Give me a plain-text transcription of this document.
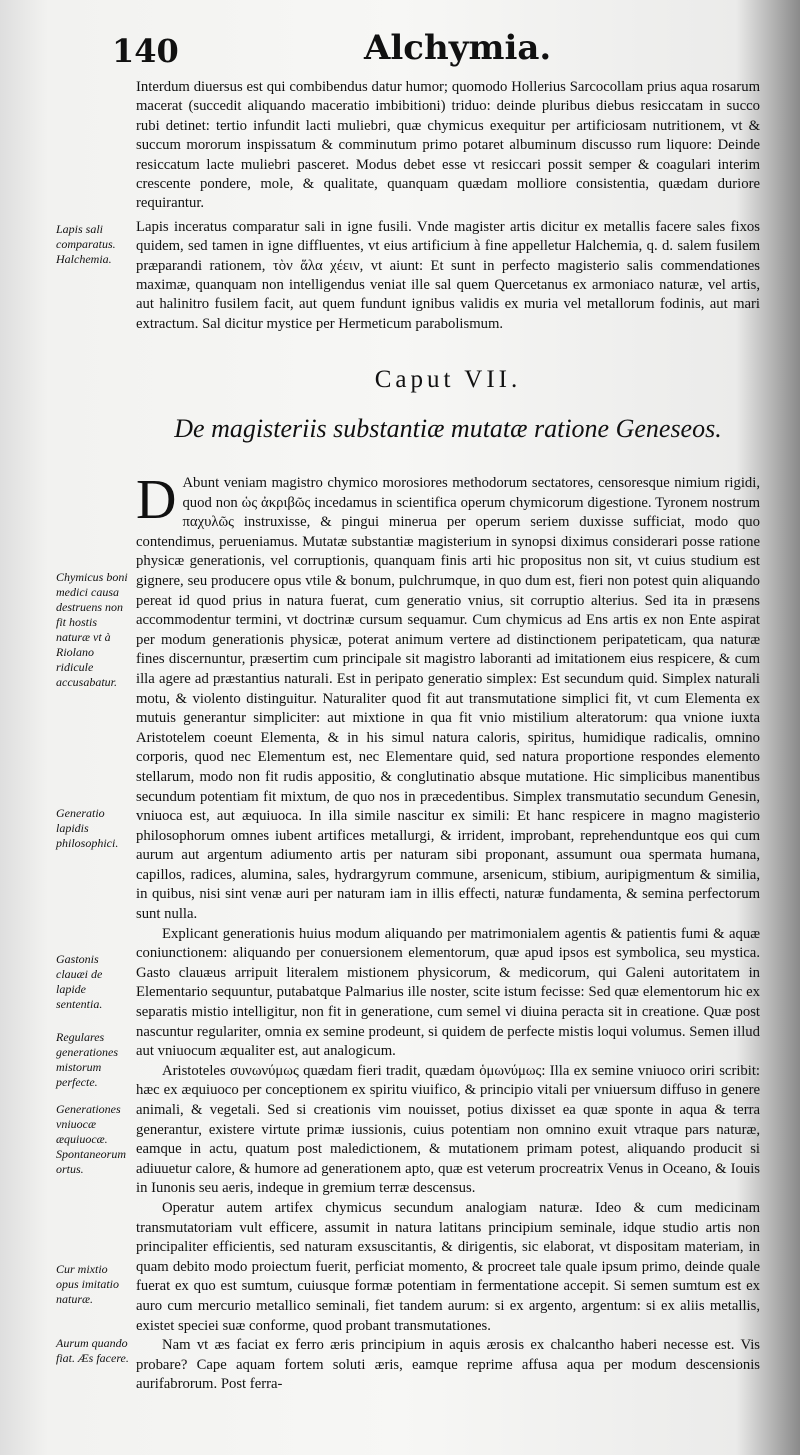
140	Alchymia.

Interdum diuersus est qui combibendus datur humor; quomodo Hollerius Sarcocollam prius aqua rosarum macerat (succedit aliquando maceratio imbibitioni) triduo: deinde pluribus diebus resiccatam in succo rubi detinet: tertio infundit lacti muliebri, quæ chymicus exequitur per artificiosam nutritionem, vt & succum mororum inspissatum & comminutum primo potaret albuminum discusso rum liquore: Deinde resiccatum lacte muliebri pasceret. Modus debet esse vt resiccari possit semper & coagulari interim crescente pondere, mole, & qualitate, quanquam quædam molliore consistentia, quædam duriore requirantur.

Lapis inceratus comparatur sali in igne fusili. Vnde magister artis dicitur ex metallis facere sales fixos quidem, sed tamen in igne diffluentes, vt eius artificium à fine appelletur Halchemia, q. d. salem fusilem præparandi rationem, τὸν ἅλα χέειν, vt aiunt: Et sunt in perfecto magisterio salis commendationes maximæ, quanquam non intelligendus veniat ille sal quem Quercetanus ex armoniaco naturæ, vel artis, aut halinitro fusilem facit, aut quem fundunt ignibus validis ex muria vel metallorum fodinis, aut mari extractum. Sal dicitur mystice per Hermeticum parabolismum.

Lapis sali comparatus. Halchemia.
Caput VII.
De magisteriis substantiæ mutatæ ratione Geneseos.

D Abunt veniam magistro chymico morosiores methodorum sectatores, censoresque nimium rigidi, quod non ὡς ἀκριβῶς incedamus in scientifica operum chymicorum digestione. Tyronem nostrum παχυλῶς instruxisse, & pingui minerua per operum seriem duxisse sufficiat, modo quo contendimus, perueniamus. Mutatæ substantiæ magisterium in synopsi diximus considerari posse ratione physicæ generationis, vel corruptionis, quanquam finis arti hic propositus non sit, vt cuius studium est gignere, seu producere opus vtile & bonum, pulchrumque, in quo dum est, fieri non potest quin aliquando pereat id quod prius in natura fuerat, cum generatio vnius, sit corruptio alterius. Sed ita in præsens accommodentur termini, vt doctrinæ cursum sequamur. Cum chymicus ad Ens artis ex non Ente aspirat per modum generationis physicæ, poterat animum vertere ad distinctionem peripateticam, qua naturæ fines discernuntur, præsertim cum principale sit magistro laboranti ad imitationem eius respicere, & cum illa agere ad præstantius naturali. Est in peripato generatio simplex: Est secundum quid. Simplex naturali motu, & violento distinguitur. Naturaliter quod fit aut transmutatione simplici fit, vt cum Elementa ex mutuis generantur simpliciter: aut mixtione in qua fit vnio mistilium alteratorum: qua vnione iuxta Aristotelem coeunt Elementa, & in his simul natura caloris, spiritus, humidique radicalis, omnino corporis, quod nec Elementum est, nec Elementare quid, sed natura proportione respondes elemento stellarum, modo non fit rudis appositio, & conglutinatio absque mutatione. Hic simplicibus manentibus secundum potentiam fit mixtum, de quo nos in præcedentibus. Simplex transmutatio secundum Genesin, vniuoca est, aut æquiuoca. In illa simile nascitur ex simili: Et hanc respicere in magno magisterio philosophorum omnes iubent artifices metallurgi, & irrident, improbant, reprehenduntque eos qui cum aurum aut argentum adiumento artis per naturam sibi proponant, assumunt oua spermata humana, capillos, radices, alumina, sales, hydrargyrum commune, arsenicum, stibium, auripigmentum & similia, in quibus, nisi sint venæ auri per naturam iam in illis effecti, naturæ fundamenta, & semina perfectorum sunt nulla.

Explicant generationis huius modum aliquando per matrimonialem agentis & patientis fumi & aquæ coniunctionem: aliquando per conuersionem elementorum, quæ apud ipsos est symbolica, seu mystica. Gasto clauæus arripuit literalem mistionem physicorum, & medicorum, qui Galeni autoritatem in Elementario sequuntur, putabatque Palmarius ille noster, scite istum fecisse: Sed quæ elementorum hic ex separatis mistio intelligitur, non fit in generatione, cum semel vi diuina peracta sit in creatione. Quæ post nascuntur regulariter, omnia ex semine prodeunt, si quidem de perfecte mistis loqui volumus. Semen illud aut vniuocum æqualiter est, aut analogicum.

Aristoteles συνωνύμως quædam fieri tradit, quædam ὁμωνύμως: Illa ex semine vniuoco oriri scribit: hæc ex æquiuoco per conceptionem ex spiritu viuifico, & principio vitali per vniuersum diffuso in genere animali, & vegetali. Sed si creationis vim nouisset, potius dixisset ea quæ sponte in aqua & terra generantur, existere virtute primæ iussionis, cuius potentiam non omnino exuit vtraque pars naturæ, eamque in actu, quatum post maledictionem, & mutationem primam potest, aliquando producit si adiuuetur calore, & humore ad generationem apto, quæ est veterum procreatrix Venus in Oceano, & Iouis in Iunonis seu aeris, indeque in gremium terræ descensus.

Operatur autem artifex chymicus secundum analogiam naturæ. Ideo & cum medicinam transmutatoriam vult efficere, assumit in natura latitans principium seminale, idque studio artis non principaliter efficientis, sed naturam exsuscitantis, & dirigentis, sic elaborat, vt dispositam materiam, in quam debito modo proiectum fuerit, perficiat momento, & procreet tale quale ipsum primo, deinde quale fuerat ex quo est sumtum, cuiusque formæ potentiam in fermentatione accepit. Si semen sumtum est ex auro cum mercurio metallico seminali, fiet tandem aurum: si ex argento, argentum: si ex aliis metallis, existet speciei suæ conforme, quod probant transmutationes.

Nam vt æs faciat ex ferro æris principium in aquis ærosis ex chalcantho haberi necesse est. Vis probare? Cape aquam fortem soluti æris, eamque reprime affusa aqua per modum descensionis aurifabrorum. Post ferra-

Chymicus boni medici causa destruens non fit hostis naturæ vt à Riolano ridicule accusabatur.
Generatio lapidis philosophici.
Gastonis clauæi de lapide sententia.
Regulares generationes mistorum perfecte.
Generationes vniuocæ æquiuocæ. Spontaneorum ortus.
Cur mixtio opus imitatio naturæ.
Aurum quando fiat. Æs facere.
